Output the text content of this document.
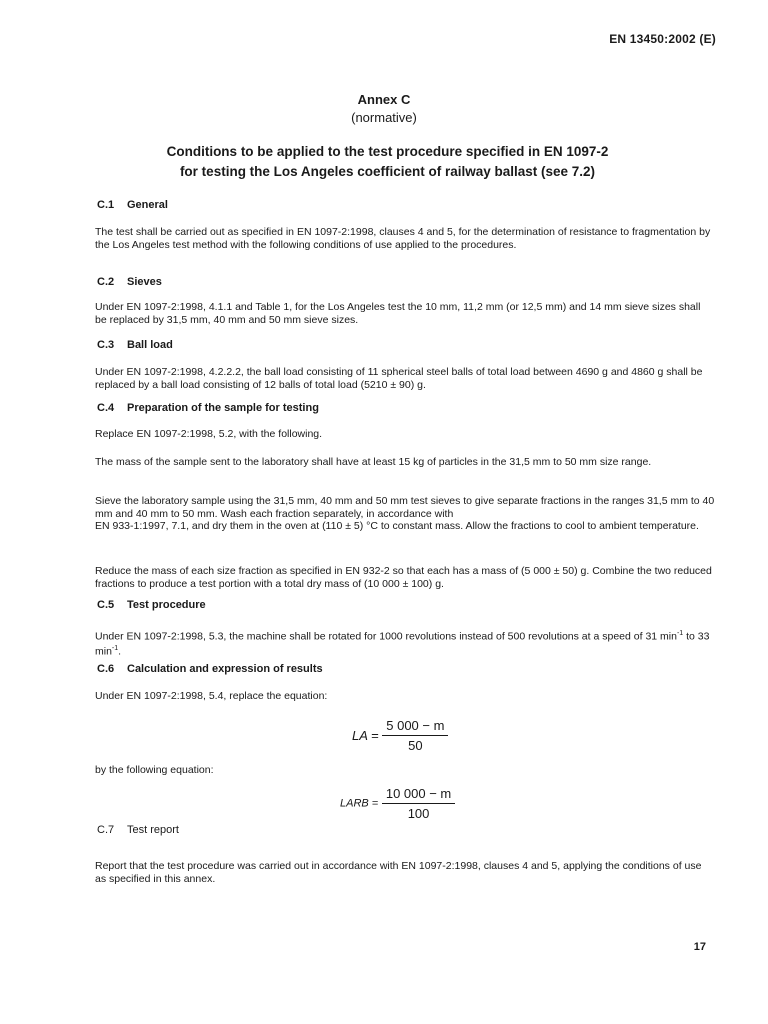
EN 13450:2002 (E)
Annex C
(normative)
Conditions to be applied to the test procedure specified in EN 1097-2
for testing the Los Angeles coefficient of railway ballast (see 7.2)
C.1 General
The test shall be carried out as specified in EN 1097-2:1998, clauses 4 and 5, for the determination of resistance to fragmentation by the Los Angeles test method with the following conditions of use applied to the procedures.
C.2 Sieves
Under EN 1097-2:1998, 4.1.1 and Table 1, for the Los Angeles test the 10 mm, 11,2 mm (or 12,5 mm) and 14 mm sieve sizes shall be replaced by 31,5 mm, 40 mm and 50 mm sieve sizes.
C.3 Ball load
Under EN 1097-2:1998, 4.2.2.2, the ball load consisting of 11 spherical steel balls of total load between 4690 g and 4860 g shall be replaced by a ball load consisting of 12 balls of total load (5210 ± 90) g.
C.4 Preparation of the sample for testing
Replace EN 1097-2:1998, 5.2, with the following.
The mass of the sample sent to the laboratory shall have at least 15 kg of particles in the 31,5 mm to 50 mm size range.
Sieve the laboratory sample using the 31,5 mm, 40 mm and 50 mm test sieves to give separate fractions in the ranges 31,5 mm to 40 mm and 40 mm to 50 mm. Wash each fraction separately, in accordance with
EN 933-1:1997, 7.1, and dry them in the oven at (110 ± 5) °C to constant mass. Allow the fractions to cool to ambient temperature.
Reduce the mass of each size fraction as specified in EN 932-2 so that each has a mass of (5 000 ± 50) g. Combine the two reduced fractions to produce a test portion with a total dry mass of (10 000 ± 100) g.
C.5 Test procedure
Under EN 1097-2:1998, 5.3, the machine shall be rotated for 1000 revolutions instead of 500 revolutions at a speed of 31 $\min^{-1}$ to 33 $\min^{-1}$.
C.6 Calculation and expression of results
Under EN 1097-2:1998, 5.4, replace the equation:
LA = $\frac{5 000 - m}{50}$
by the following equation:
LARB = $\frac{10 000 - m}{100}$
C.7 Test report
Report that the test procedure was carried out in accordance with EN 1097-2:1998, clauses 4 and 5, applying the conditions of use as specified in this annex.
17
